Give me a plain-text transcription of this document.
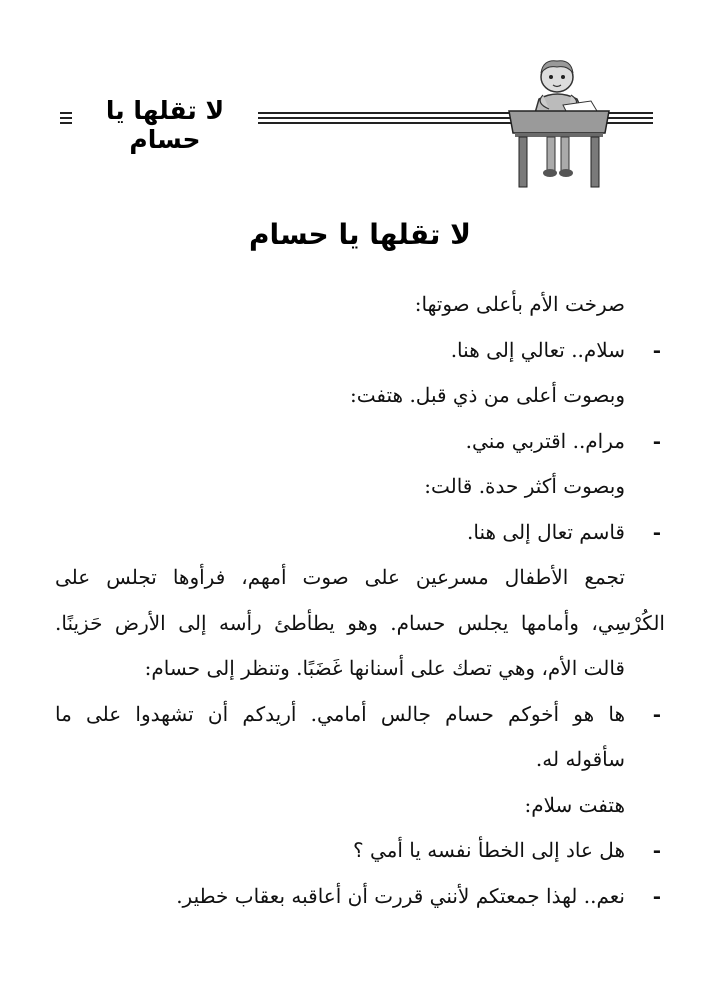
لا تقلها يا حسام
لا تقلها يا حسام
صرخت الأم بأعلى صوتها:
-
سلام.. تعالي إلى هنا.
وبصوت أعلى من ذي قبل. هتفت:
-
مرام.. اقتربي مني.
وبصوت أكثر حدة. قالت:
-
قاسم تعال إلى هنا.
تجمع الأطفال مسرعين على صوت أمهم، فرأوها تجلس على
الكُرْسِي، وأمامها يجلس حسام. وهو يطأطئ رأسه إلى الأرض حَزينًا.
قالت الأم، وهي تصك على أسنانها غَضَبًا. وتنظر إلى حسام:
-
ها هو أخوكم حسام جالس أمامي. أريدكم أن تشهدوا على ما
سأقوله له.
هتفت سلام:
-
هل عاد إلى الخطأ نفسه يا أمي ؟
-
نعم.. لهذا جمعتكم لأنني قررت أن أعاقبه بعقاب خطير.
